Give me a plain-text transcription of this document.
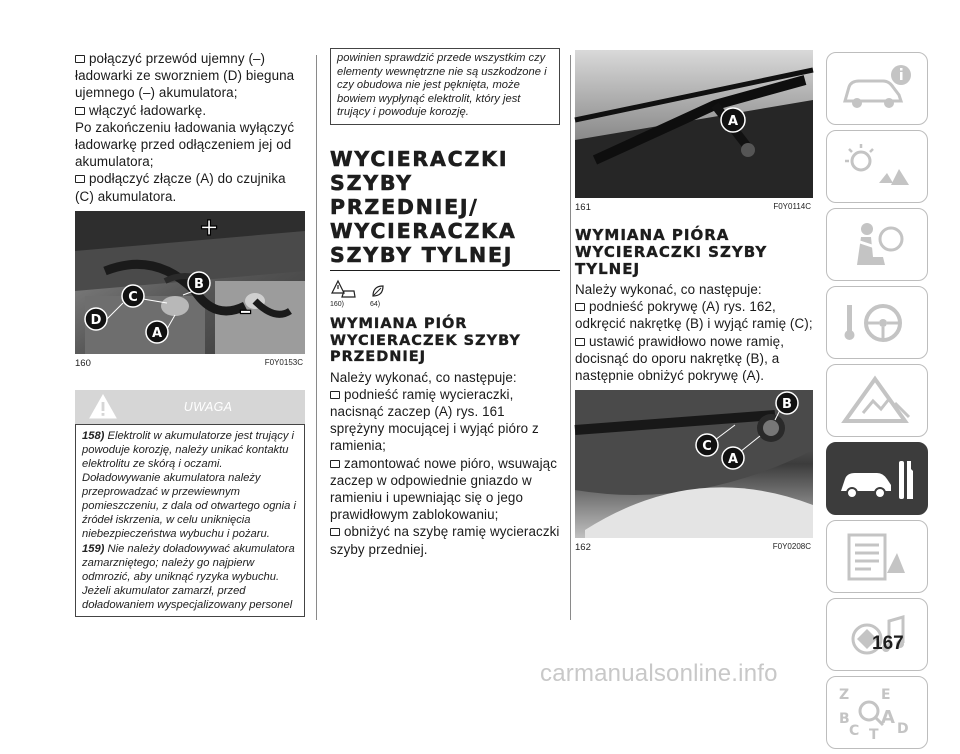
połączyć przewód ujemny (–) ładowarki ze sworzniem (D) bieguna ujemnego (–) akumulatora;

włączyć ładowarkę.

Po zakończeniu ładowania wyłączyć ładowarkę przed odłączeniem jej od akumulatora;

podłączyć złącze (A) do czujnika (C) akumulatora.

+
B
C
D
A
–
160	F0Y0153C
UWAGA

158) Elektrolit w akumulatorze jest trujący i powoduje korozję, należy unikać kontaktu elektrolitu ze skórą i oczami. Doładowywanie akumulatora należy przeprowadzać w przewiewnym pomieszczeniu, z dala od otwartego ognia i źródeł iskrzenia, w celu uniknięcia niebezpieczeństwa wybuchu i pożaru.

159) Nie należy doładowywać akumulatora zamarzniętego; należy go najpierw odmrozić, aby uniknąć ryzyka wybuchu. Jeżeli akumulator zamarzł, przed doładowaniem wyspecjalizowany personel

powinien sprawdzić przede wszystkim czy elementy wewnętrzne nie są uszkodzone i czy obudowa nie jest pęknięta, może bowiem wypłynąć elektrolit, który jest trujący i powoduje korozję.
WYCIERACZKI SZYBY PRZEDNIEJ/ WYCIERACZKA SZYBY TYLNEJ
160)	64)
WYMIANA PIÓR WYCIERACZEK SZYBY PRZEDNIEJ

Należy wykonać, co następuje:

podnieść ramię wycieraczki, nacisnąć zaczep (A) rys. 161 sprężyny mocującej i wyjąć pióro z ramienia;

zamontować nowe pióro, wsuwając zaczep w odpowiednie gniazdo w ramieniu i upewniając się o jego prawidłowym zablokowaniu;

obniżyć na szybę ramię wycieraczki szyby przedniej.

A
161	F0Y0114C
WYMIANA PIÓRA WYCIERACZKI SZYBY TYLNEJ

Należy wykonać, co następuje:

podnieść pokrywę (A) rys. 162, odkręcić nakrętkę (B) i wyjąć ramię (C);

ustawić prawidłowo nowe ramię, docisnąć do oporu nakrętkę (B), a następnie obniżyć pokrywę (A).

B
C
A
162	F0Y0208C
Z E
B A
C T D
167
carmanualsonline.info
